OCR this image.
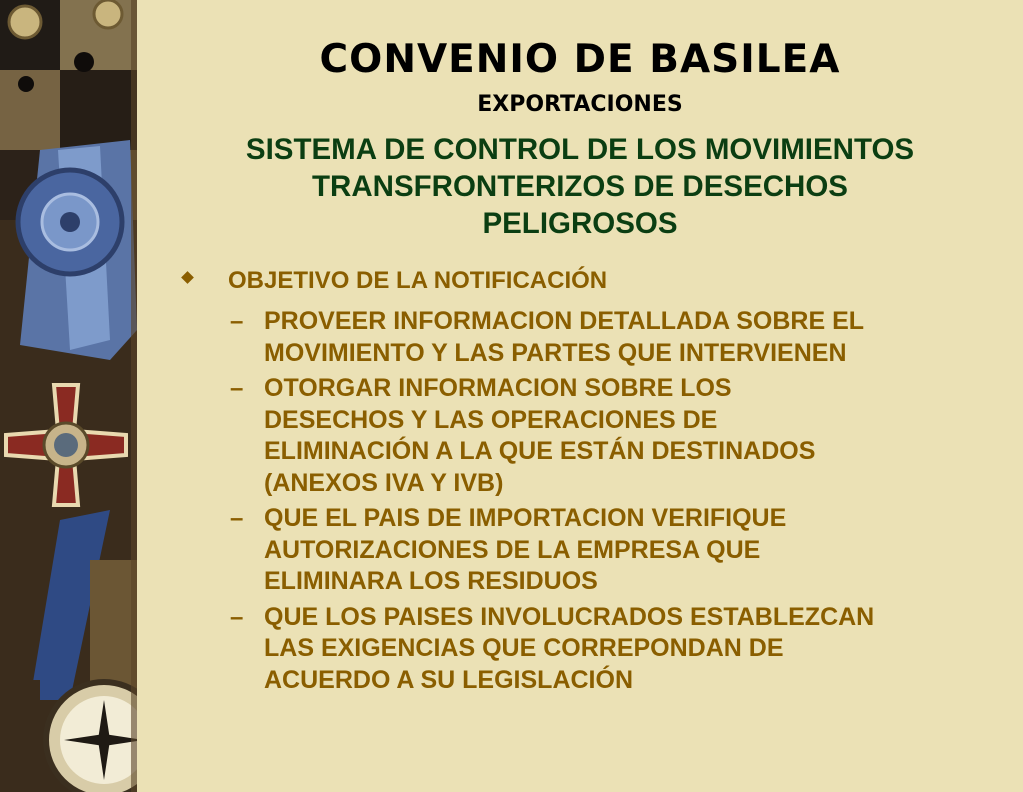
CONVENIO DE BASILEA
EXPORTACIONES
SISTEMA DE CONTROL DE LOS MOVIMIENTOS
TRANSFRONTERIZOS DE DESECHOS
PELIGROSOS
OBJETIVO DE LA NOTIFICACIÓN
– PROVEER INFORMACION DETALLADA SOBRE EL
MOVIMIENTO Y LAS PARTES QUE INTERVIENEN
– OTORGAR INFORMACION SOBRE LOS
DESECHOS Y LAS OPERACIONES DE
ELIMINACIÓN A LA QUE ESTÁN DESTINADOS
(ANEXOS IVA Y IVB)
– QUE EL PAIS DE IMPORTACION VERIFIQUE
AUTORIZACIONES DE LA EMPRESA QUE
ELIMINARA LOS RESIDUOS
– QUE LOS PAISES INVOLUCRADOS ESTABLEZCAN
LAS EXIGENCIAS QUE CORREPONDAN DE
ACUERDO A SU LEGISLACIÓN
